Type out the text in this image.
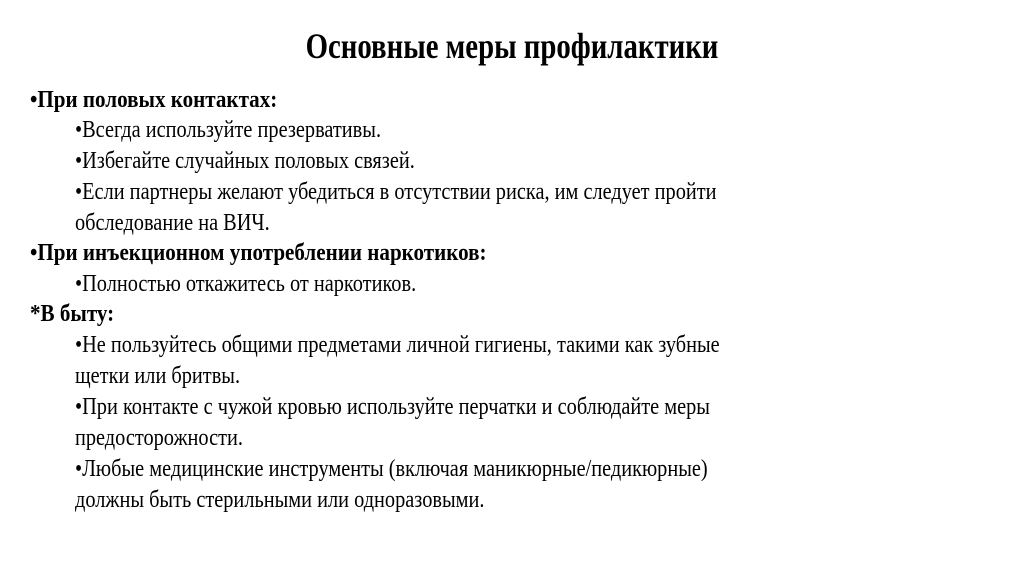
Основные меры профилактики
•При половых контактах:
•Всегда используйте презервативы.
•Избегайте случайных половых связей.
•Если партнеры желают убедиться в отсутствии риска, им следует пройти
обследование на ВИЧ.
•При инъекционном употреблении наркотиков:
•Полностью откажитесь от наркотиков.
*В быту:
•Не пользуйтесь общими предметами личной гигиены, такими как зубные
щетки или бритвы.
•При контакте с чужой кровью используйте перчатки и соблюдайте меры
предосторожности.
•Любые медицинские инструменты (включая маникюрные/педикюрные)
должны быть стерильными или одноразовыми.
